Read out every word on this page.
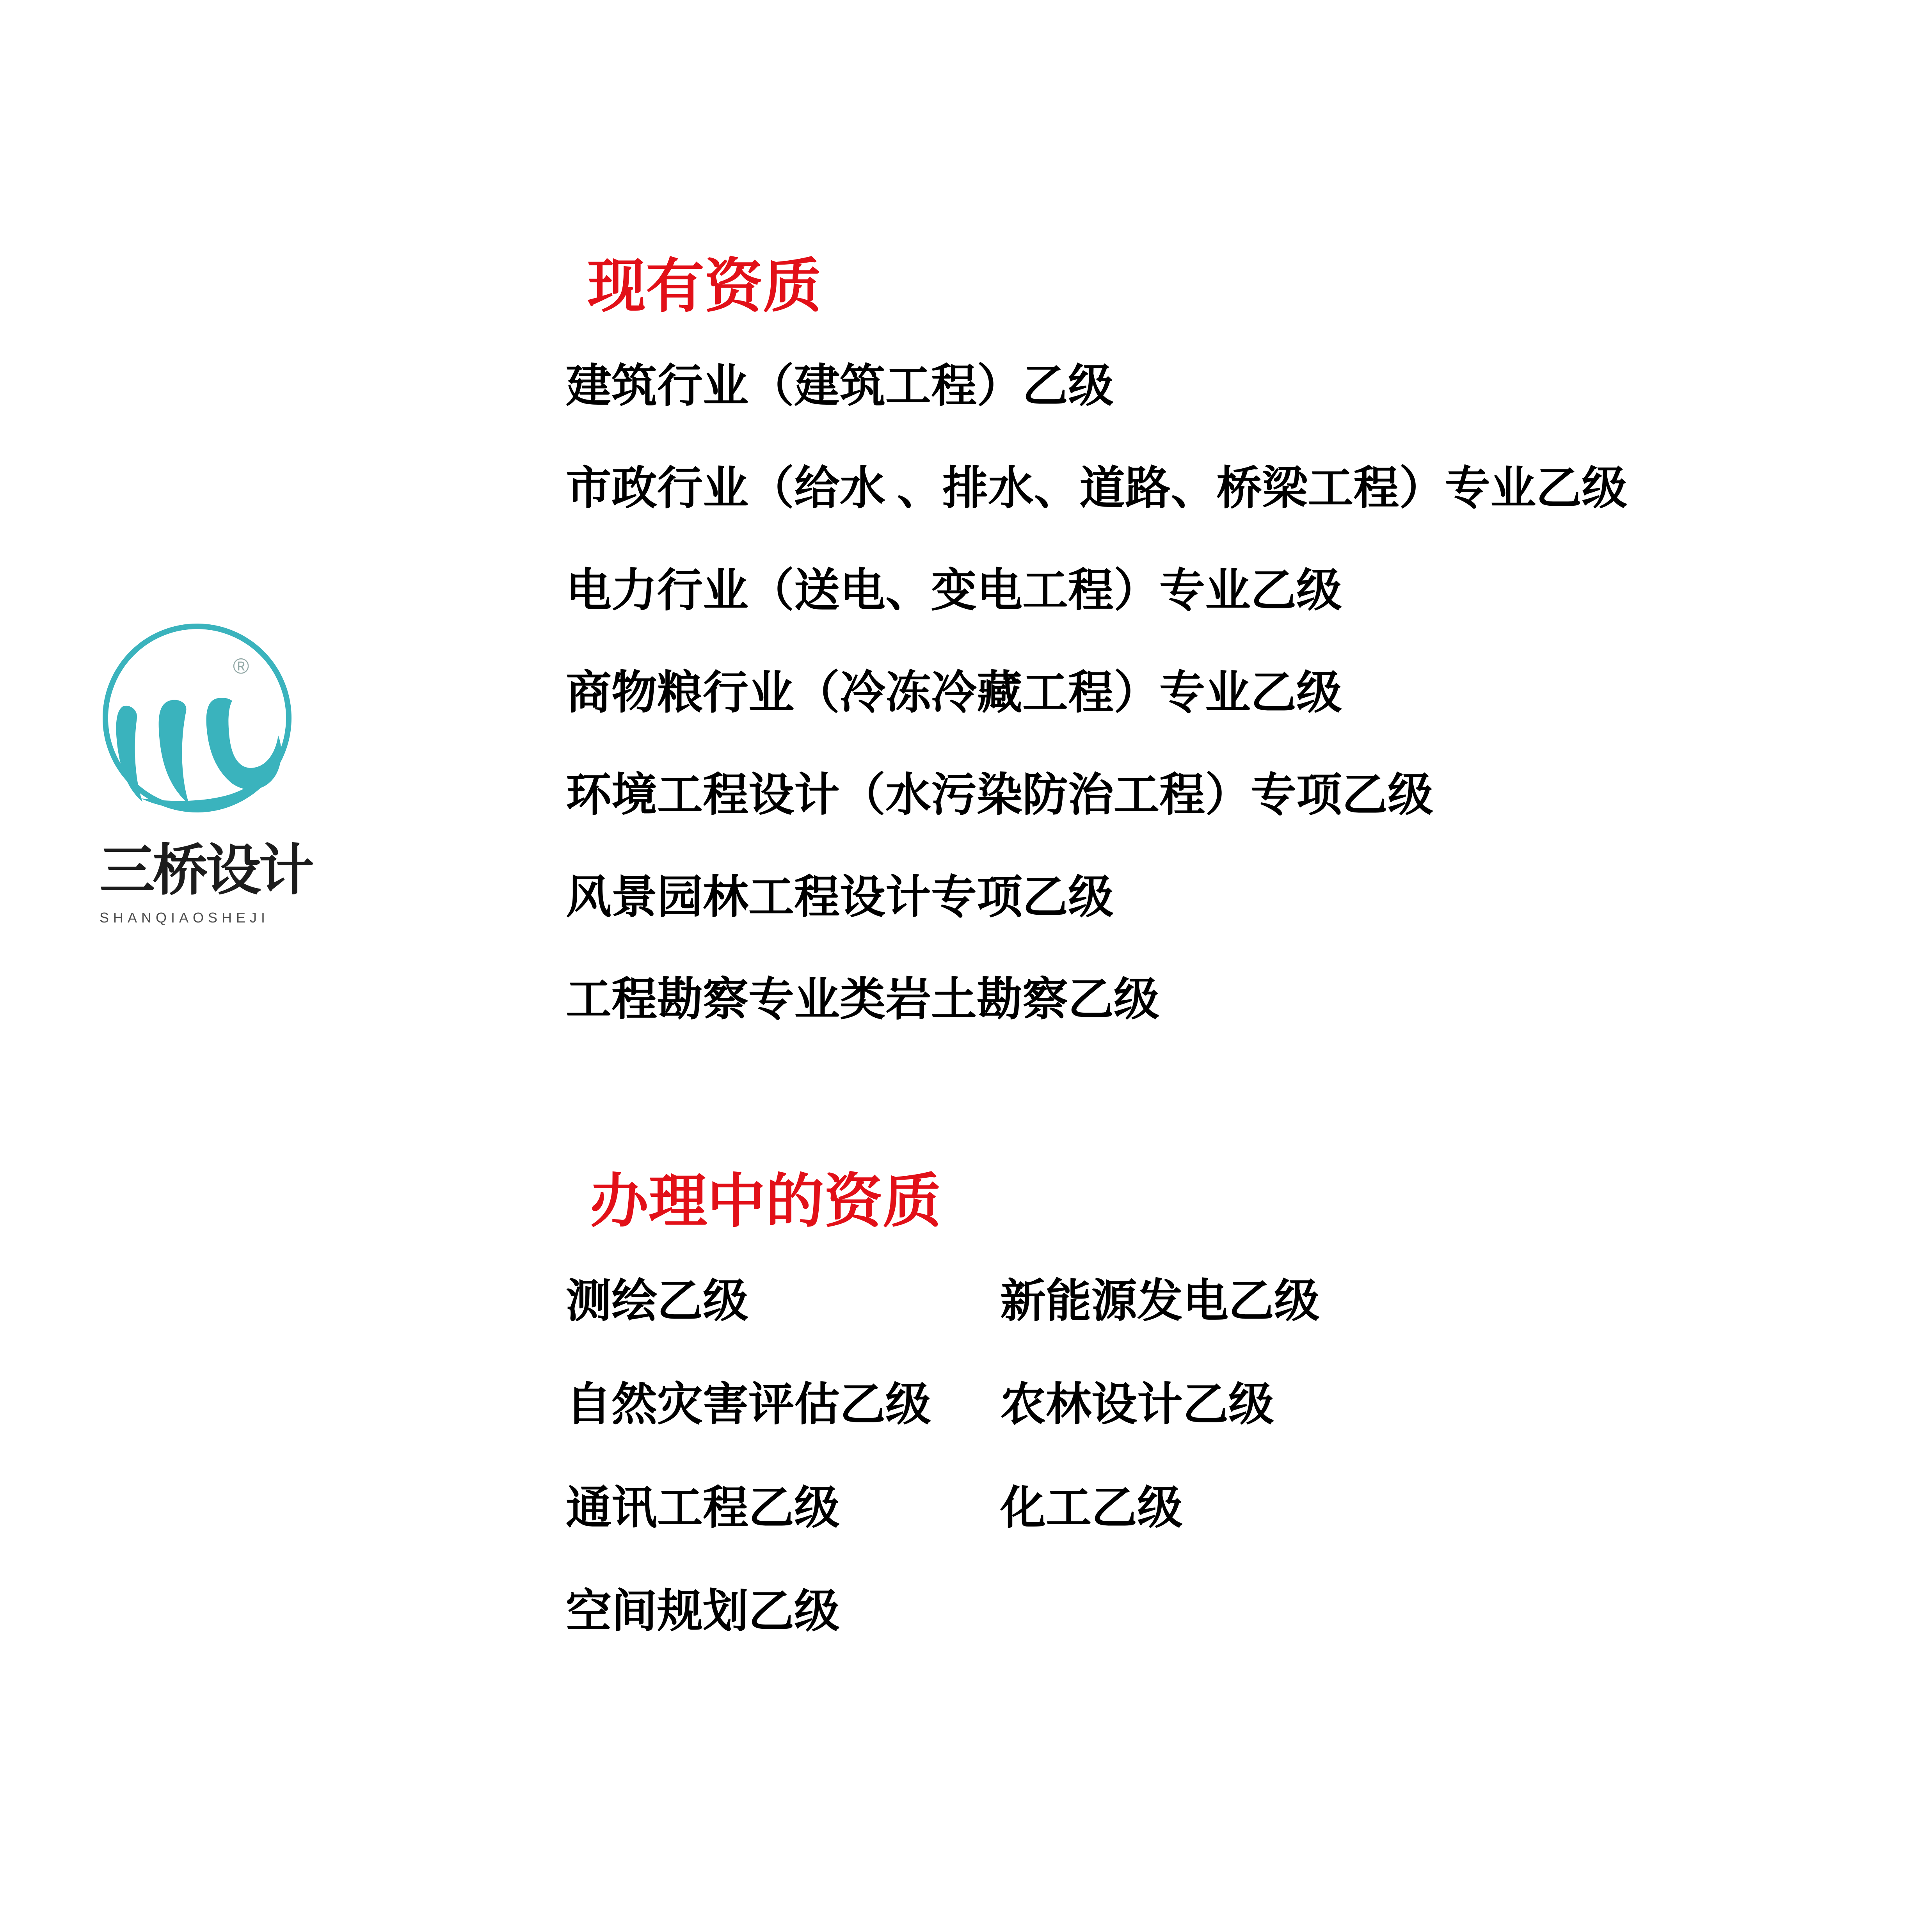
®
三桥设计
SHANQIAOSHEJI
现有资质
建筑行业（建筑工程）乙级
市政行业（给水 、排水、道路、桥梁工程）专业乙级
电力行业（送电、变电工程）专业乙级
商物粮行业（冷冻冷藏工程）专业乙级
环境工程设计（水污染防治工程）专项乙级
风景园林工程设计专项乙级
工程勘察专业类岩土勘察乙级
办理中的资质
测绘乙级
自然灾害评估乙级
通讯工程乙级
空间规划乙级
新能源发电乙级
农林设计乙级
化工乙级
